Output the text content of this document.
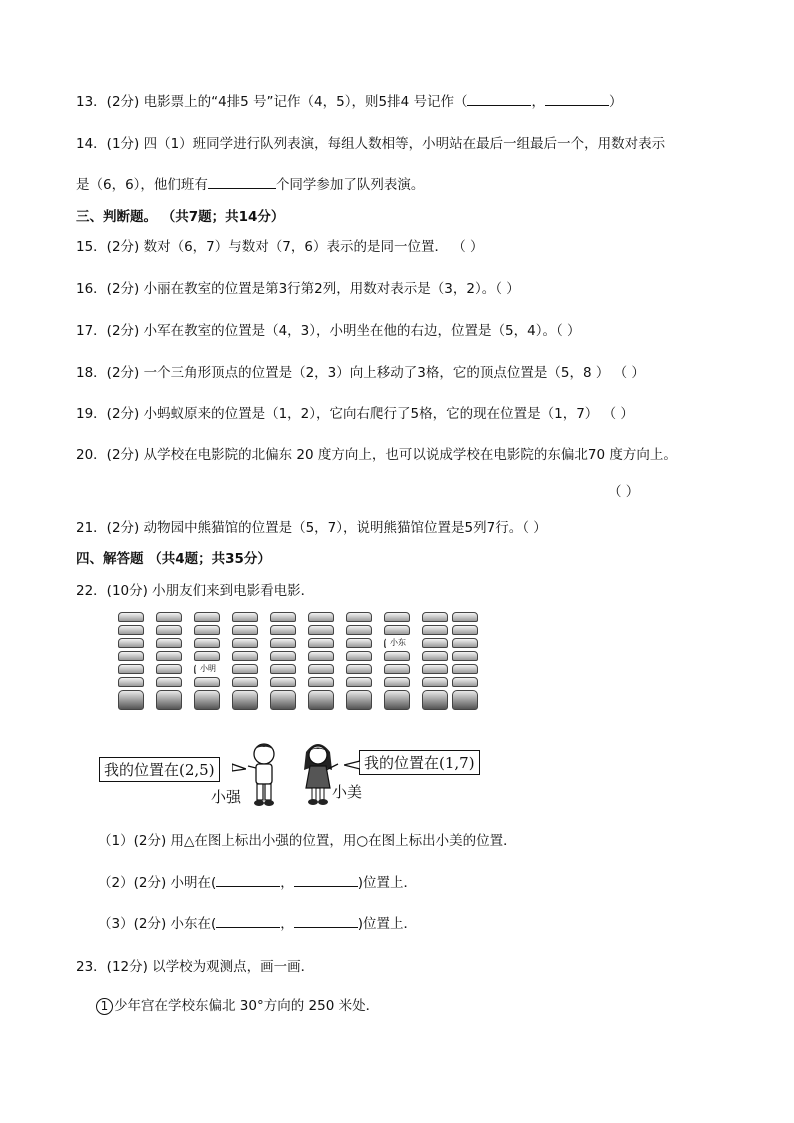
13．(2分) 电影票上的“4排5 号”记作（4，5），则5排4 号记作（	，	）
14．(1分) 四（1）班同学进行队列表演，每组人数相等，小明站在最后一组最后一个，用数对表示
是（6，6），他们班有	个同学参加了队列表演。
三、判断题。 （共7题；共14分）
15．(2分) 数对（6，7）与数对（7，6）表示的是同一位置． （ ）
16．(2分) 小丽在教室的位置是第3行第2列，用数对表示是（3，2）。（ ）
17．(2分) 小军在教室的位置是（4，3），小明坐在他的右边，位置是（5，4）。（ ）
18．(2分) 一个三角形顶点的位置是（2，3）向上移动了3格，它的顶点位置是（5，8 ） （ ）
19．(2分) 小蚂蚁原来的位置是（1，2），它向右爬行了5格，它的现在位置是（1，7） （ ）
20．(2分) 从学校在电影院的北偏东 20 度方向上，也可以说成学校在电影院的东偏北70 度方向上。
（ ）
21．(2分) 动物园中熊猫馆的位置是（5，7），说明熊猫馆位置是5列7行。（ ）
四、解答题 （共4题；共35分）
22．(10分) 小朋友们来到电影看电影．
小明
小东
我的位置在(2,5)	我的位置在(1,7)
小强	小美
（1）(2分) 用△在图上标出小强的位置，用○在图上标出小美的位置．
（2）(2分) 小明在(	，	)位置上．
（3）(2分) 小东在(	，	)位置上．
23．(12分) 以学校为观测点，画一画．
1 少年宫在学校东偏北 30°方向的 250 米处．
